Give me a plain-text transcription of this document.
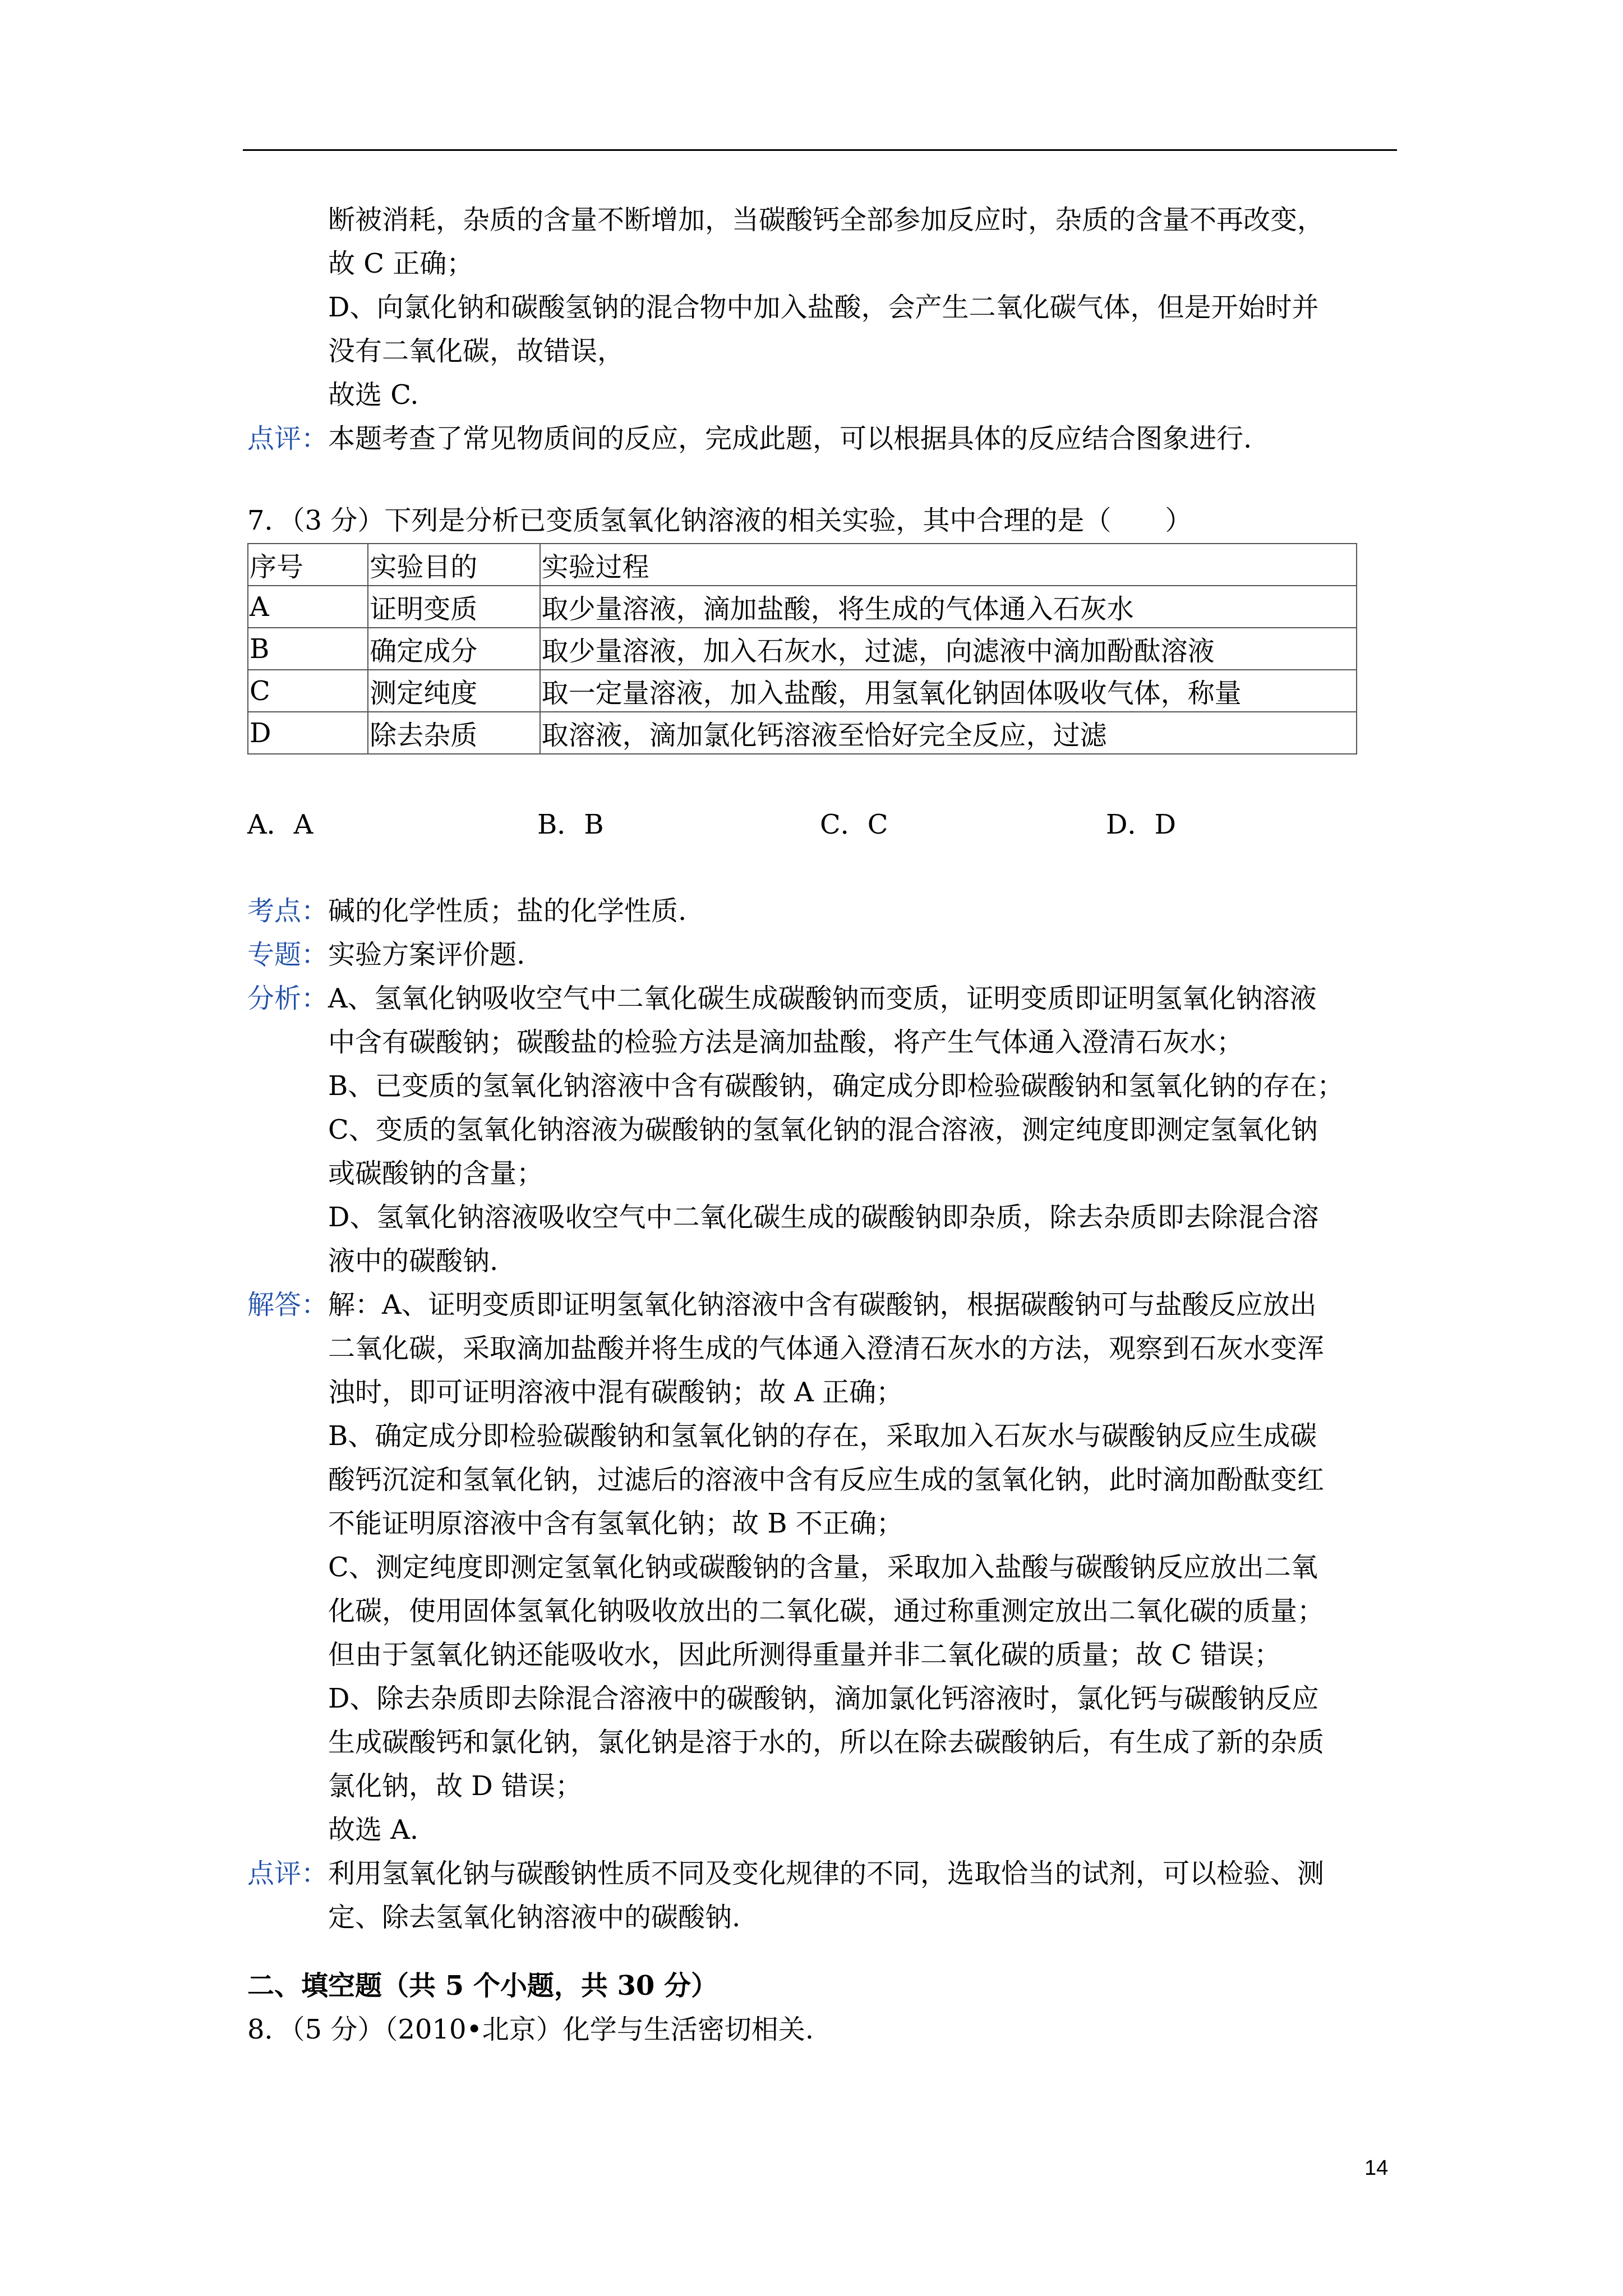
断被消耗，杂质的含量不断增加，当碳酸钙全部参加反应时，杂质的含量不再改变，
故 C 正确；
D、向氯化钠和碳酸氢钠的混合物中加入盐酸，会产生二氧化碳气体，但是开始时并
没有二氧化碳，故错误，
故选 C.
点评：本题考查了常见物质间的反应，完成此题，可以根据具体的反应结合图象进行.
7．（3 分）下列是分析已变质氢氧化钠溶液的相关实验，其中合理的是（　　）
序号	实验目的	实验过程
A	证明变质	取少量溶液，滴加盐酸，将生成的气体通入石灰水
B	确定成分	取少量溶液，加入石灰水，过滤，向滤液中滴加酚酞溶液
C	测定纯度	取一定量溶液，加入盐酸，用氢氧化钠固体吸收气体，称量
D	除去杂质	取溶液，滴加氯化钙溶液至恰好完全反应，过滤
A．A	B．B	C．C	D．D
考点：碱的化学性质；盐的化学性质.
专题：实验方案评价题.
分析： A、氢氧化钠吸收空气中二氧化碳生成碳酸钠而变质，证明变质即证明氢氧化钠溶液
中含有碳酸钠；碳酸盐的检验方法是滴加盐酸，将产生气体通入澄清石灰水；
B、已变质的氢氧化钠溶液中含有碳酸钠，确定成分即检验碳酸钠和氢氧化钠的存在；
C、变质的氢氧化钠溶液为碳酸钠的氢氧化钠的混合溶液，测定纯度即测定氢氧化钠
或碳酸钠的含量；
D、氢氧化钠溶液吸收空气中二氧化碳生成的碳酸钠即杂质，除去杂质即去除混合溶
液中的碳酸钠.
解答： 解：A、证明变质即证明氢氧化钠溶液中含有碳酸钠，根据碳酸钠可与盐酸反应放出
二氧化碳，采取滴加盐酸并将生成的气体通入澄清石灰水的方法，观察到石灰水变浑
浊时，即可证明溶液中混有碳酸钠；故 A 正确；
B、确定成分即检验碳酸钠和氢氧化钠的存在，采取加入石灰水与碳酸钠反应生成碳
酸钙沉淀和氢氧化钠，过滤后的溶液中含有反应生成的氢氧化钠，此时滴加酚酞变红
不能证明原溶液中含有氢氧化钠；故 B 不正确；
C、测定纯度即测定氢氧化钠或碳酸钠的含量，采取加入盐酸与碳酸钠反应放出二氧
化碳，使用固体氢氧化钠吸收放出的二氧化碳，通过称重测定放出二氧化碳的质量；
但由于氢氧化钠还能吸收水，因此所测得重量并非二氧化碳的质量；故 C 错误；
D、除去杂质即去除混合溶液中的碳酸钠，滴加氯化钙溶液时，氯化钙与碳酸钠反应
生成碳酸钙和氯化钠，氯化钠是溶于水的，所以在除去碳酸钠后，有生成了新的杂质
氯化钠，故 D 错误；
故选 A.
点评： 利用氢氧化钠与碳酸钠性质不同及变化规律的不同，选取恰当的试剂，可以检验、测
定、除去氢氧化钠溶液中的碳酸钠.
二、填空题（共 5 个小题，共 30 分）
8．（5 分）（2010•北京）化学与生活密切相关.
14
